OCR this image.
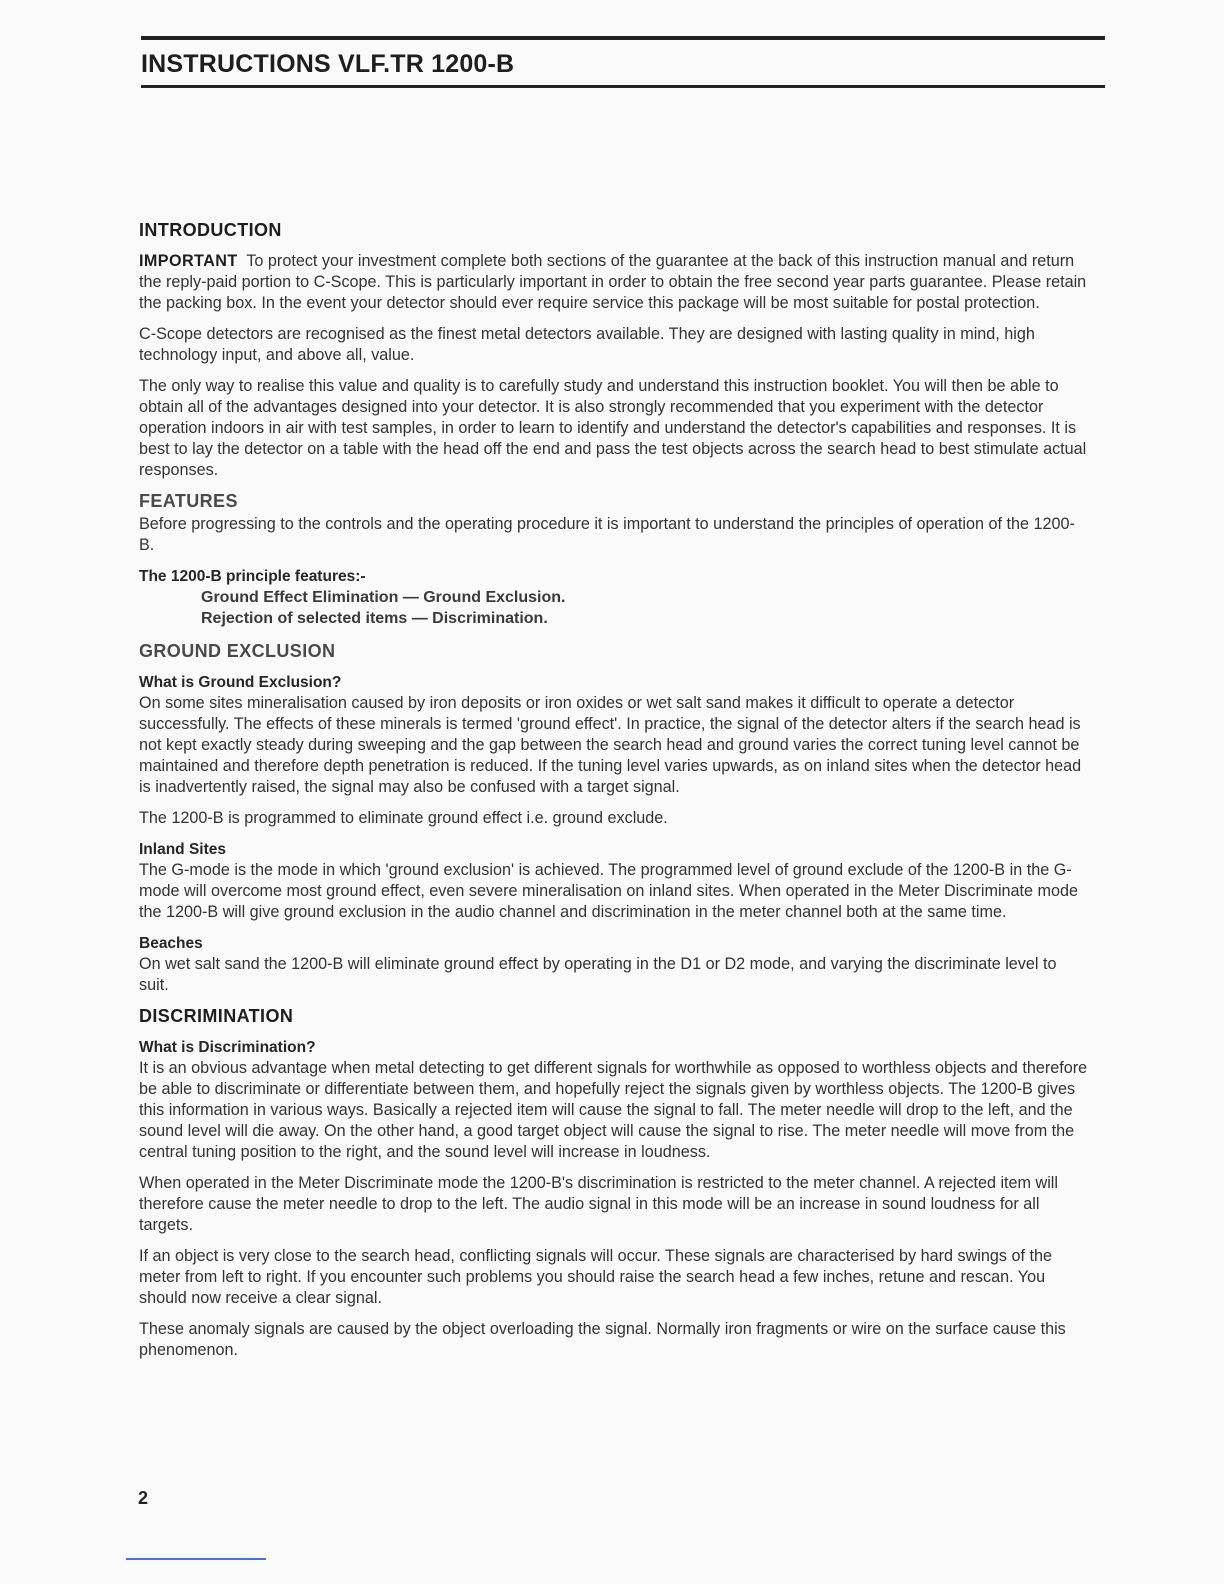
INSTRUCTIONS VLF.TR 1200-B
INTRODUCTION

IMPORTANT To protect your investment complete both sections of the guarantee at the back of this instruction manual and return the reply-paid portion to C-Scope. This is particularly important in order to obtain the free second year parts guarantee. Please retain the packing box. In the event your detector should ever require service this package will be most suitable for postal protection.

C-Scope detectors are recognised as the finest metal detectors available. They are designed with lasting quality in mind, high technology input, and above all, value.

The only way to realise this value and quality is to carefully study and understand this instruction booklet. You will then be able to obtain all of the advantages designed into your detector. It is also strongly recommended that you experiment with the detector operation indoors in air with test samples, in order to learn to identify and understand the detector's capabilities and responses. It is best to lay the detector on a table with the head off the end and pass the test objects across the search head to best stimulate actual responses.

FEATURES

Before progressing to the controls and the operating procedure it is important to understand the principles of operation of the 1200-B.

The 1200-B principle features:-
Ground Effect Elimination — Ground Exclusion.
Rejection of selected items — Discrimination.
GROUND EXCLUSION
What is Ground Exclusion?

On some sites mineralisation caused by iron deposits or iron oxides or wet salt sand makes it difficult to operate a detector successfully. The effects of these minerals is termed 'ground effect'. In practice, the signal of the detector alters if the search head is not kept exactly steady during sweeping and the gap between the search head and ground varies the correct tuning level cannot be maintained and therefore depth penetration is reduced. If the tuning level varies upwards, as on inland sites when the detector head is inadvertently raised, the signal may also be confused with a target signal.

The 1200-B is programmed to eliminate ground effect i.e. ground exclude.

Inland Sites

The G-mode is the mode in which 'ground exclusion' is achieved. The programmed level of ground exclude of the 1200-B in the G-mode will overcome most ground effect, even severe mineralisation on inland sites. When operated in the Meter Discriminate mode the 1200-B will give ground exclusion in the audio channel and discrimination in the meter channel both at the same time.

Beaches

On wet salt sand the 1200-B will eliminate ground effect by operating in the D1 or D2 mode, and varying the discriminate level to suit.

DISCRIMINATION
What is Discrimination?

It is an obvious advantage when metal detecting to get different signals for worthwhile as opposed to worthless objects and therefore be able to discriminate or differentiate between them, and hopefully reject the signals given by worthless objects. The 1200-B gives this information in various ways. Basically a rejected item will cause the signal to fall. The meter needle will drop to the left, and the sound level will die away. On the other hand, a good target object will cause the signal to rise. The meter needle will move from the central tuning position to the right, and the sound level will increase in loudness.

When operated in the Meter Discriminate mode the 1200-B's discrimination is restricted to the meter channel. A rejected item will therefore cause the meter needle to drop to the left. The audio signal in this mode will be an increase in sound loudness for all targets.

If an object is very close to the search head, conflicting signals will occur. These signals are characterised by hard swings of the meter from left to right. If you encounter such problems you should raise the search head a few inches, retune and rescan. You should now receive a clear signal.

These anomaly signals are caused by the object overloading the signal. Normally iron fragments or wire on the surface cause this phenomenon.

2
